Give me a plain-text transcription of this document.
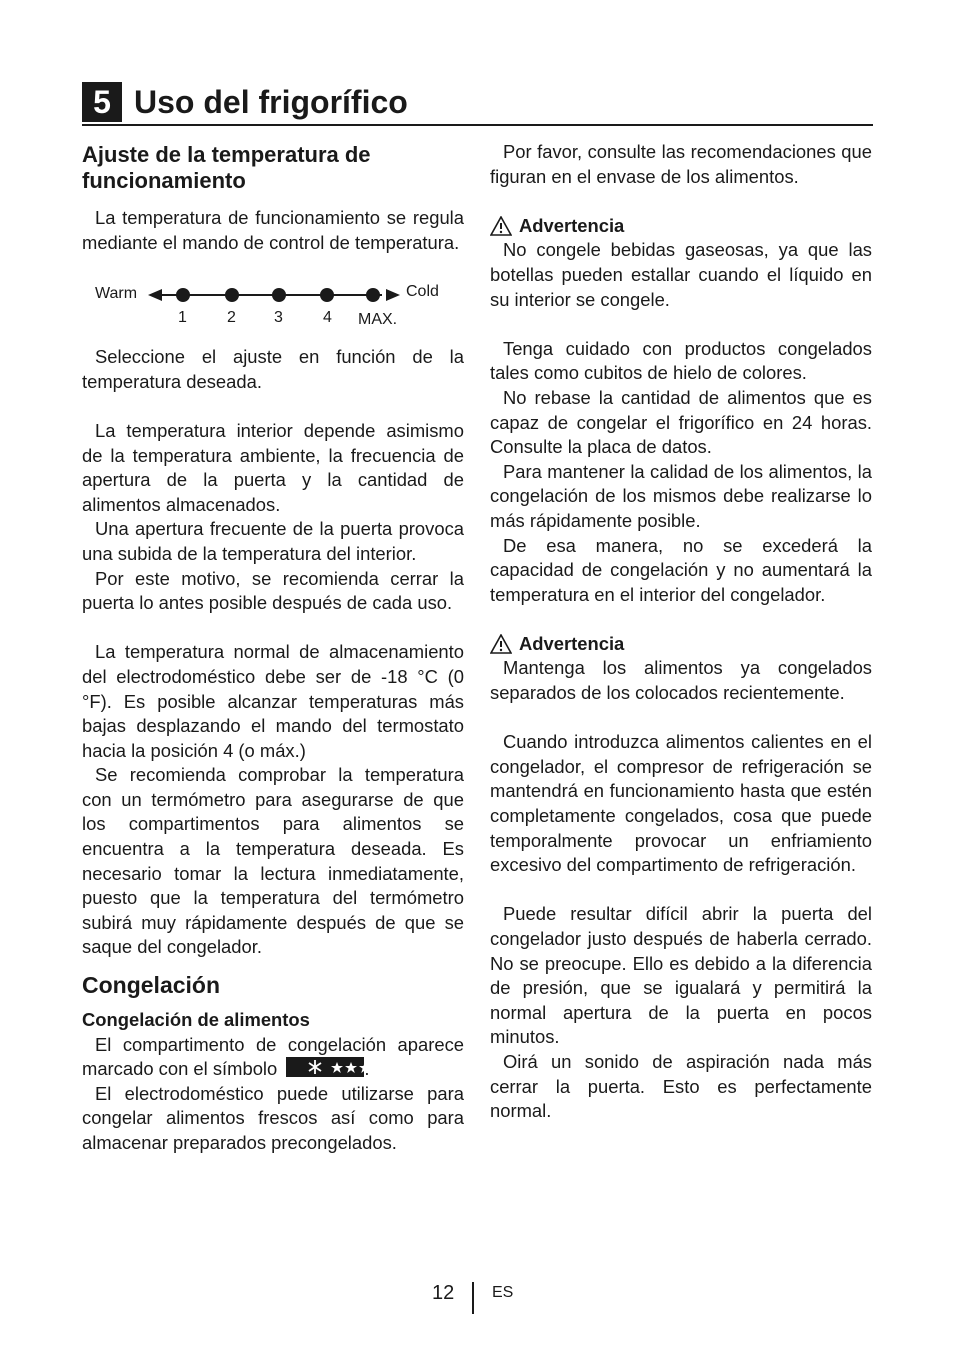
5 Uso del frigorífico
Ajuste de la temperatura de funcionamiento

La temperatura de funcionamiento se regula mediante el mando de control de temperatura.

Warm	Cold
1	2 3	4 MAX.

Seleccione el ajuste en función de la temperatura deseada.

La temperatura interior depende asimismo de la temperatura ambiente, la frecuencia de apertura de la puerta y la cantidad de alimentos almacenados.

Una apertura frecuente de la puerta provoca una subida de la temperatura del interior.

Por este motivo, se recomienda cerrar la puerta lo antes posible después de cada uso.

La temperatura normal de almacenamiento del electrodoméstico debe ser de -18 °C (0 °F). Es posible alcanzar temperaturas más bajas desplazando el mando del termostato hacia la posición 4 (o máx.)

Se recomienda comprobar la temperatura con un termómetro para asegurarse de que los compartimentos para alimentos se encuentra a la temperatura deseada. Es necesario tomar la lectura inmediatamente, puesto que la temperatura del termómetro subirá muy rápidamente después de que se saque del congelador.

Congelación
Congelación de alimentos

El compartimento de congelación aparece marcado con el símbolo

El electrodoméstico puede utilizarse para congelar alimentos frescos así como para almacenar preparados precongelados.

Por favor, consulte las recomendaciones que figuran en el envase de los alimentos.

Advertencia

No congele bebidas gaseosas, ya que las botellas pueden estallar cuando el líquido en su interior se congele.

Tenga cuidado con productos congelados tales como cubitos de hielo de colores.

No rebase la cantidad de alimentos que es capaz de congelar el frigorífico en 24 horas. Consulte la placa de datos.

Para mantener la calidad de los alimentos, la congelación de los mismos debe realizarse lo más rápidamente posible.

De esa manera, no se excederá la capacidad de congelación y no aumentará la temperatura en el interior del congelador.

Advertencia

Mantenga los alimentos ya congelados separados de los colocados recientemente.

Cuando introduzca alimentos calientes en el congelador, el compresor de refrigeración se mantendrá en funcionamiento hasta que estén completamente congelados, cosa que puede temporalmente provocar un enfriamiento excesivo del compartimento de refrigeración.

Puede resultar difícil abrir la puerta del congelador justo después de haberla cerrado. No se preocupe. Ello es debido a la diferencia de presión, que se igualará y permitirá la normal apertura de la puerta en pocos minutos.

Oirá un sonido de aspiración nada más cerrar la puerta. Esto es perfectamente normal.

12 ES
